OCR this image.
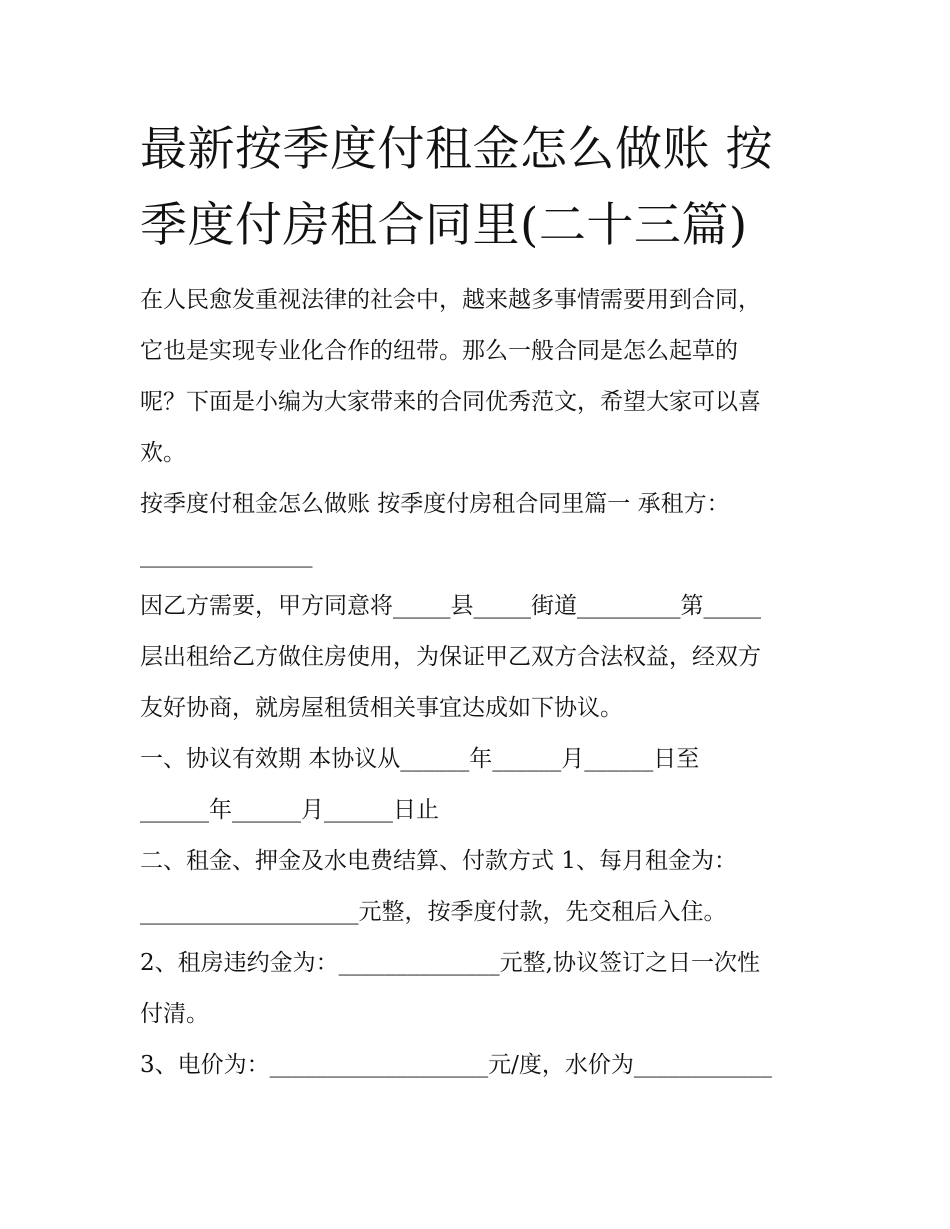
最新按季度付租金怎么做账 按
季度付房租合同里(二十三篇)
在人民愈发重视法律的社会中，越来越多事情需要用到合同，
它也是实现专业化合作的纽带。那么一般合同是怎么起草的
呢？下面是小编为大家带来的合同优秀范文，希望大家可以喜
欢。
按季度付租金怎么做账 按季度付房租合同里篇一 承租方：
_______________
因乙方需要，甲方同意将_____县_____街道_________第_____
层出租给乙方做住房使用，为保证甲乙双方合法权益，经双方
友好协商，就房屋租赁相关事宜达成如下协议。
一、协议有效期 本协议从______年______月______日至
______年______月______日止
二、租金、押金及水电费结算、付款方式 1、每月租金为：
___________________元整，按季度付款，先交租后入住。
2、租房违约金为：______________元整,协议签订之日一次性
付清。
3、电价为：___________________元/度，水价为____________
